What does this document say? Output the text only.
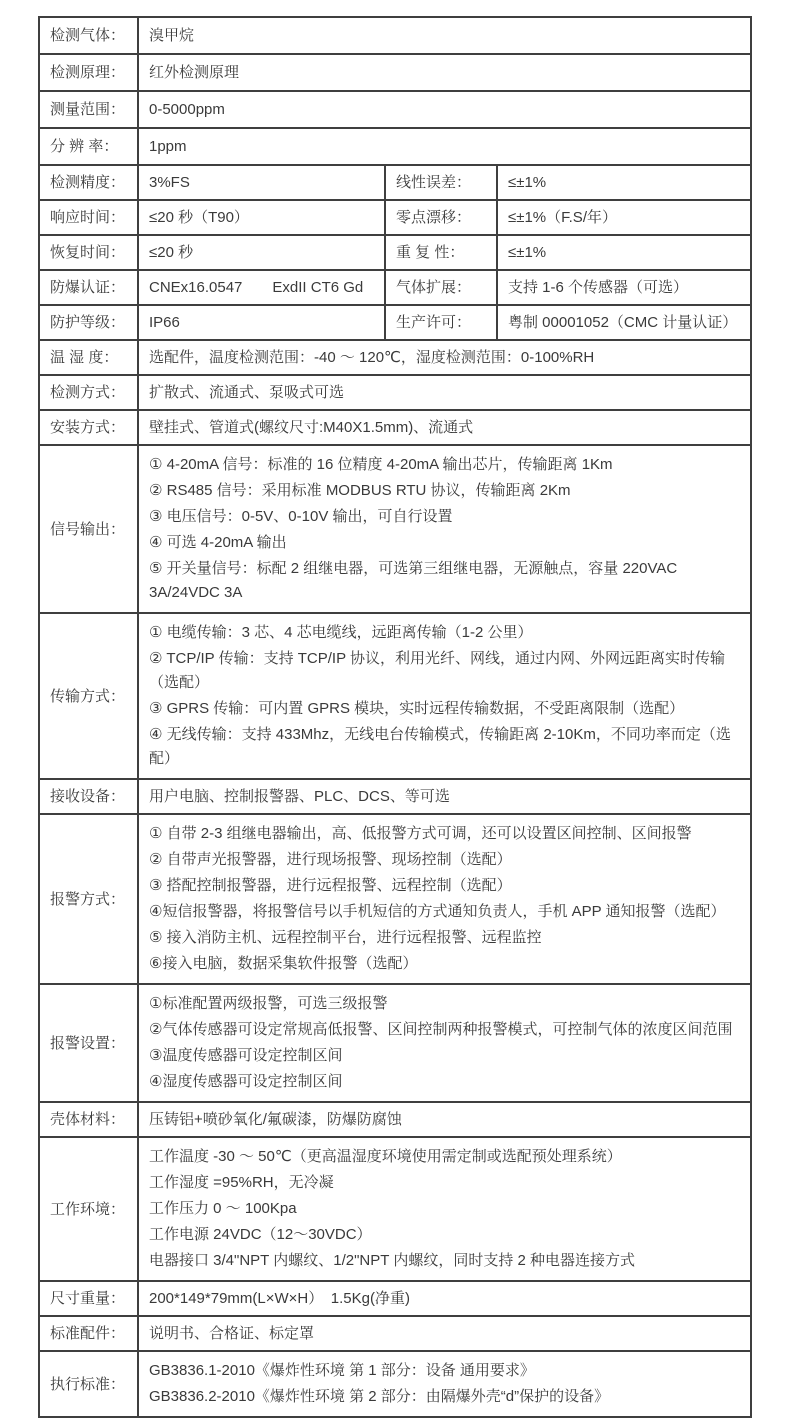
检测气体：	溴甲烷		
检测原理：	红外检测原理		
测量范围：	0-5000ppm		
分 辨 率：	1ppm		
检测精度：	3%FS	线性误差：	≤±1%
响应时间：	≤20 秒（T90）	零点漂移：	≤±1%（F.S/年）
恢复时间：	≤20 秒	重 复 性：	≤±1%
防爆认证：	CNEx16.0547　　ExdII CT6 Gd	气体扩展：	支持 1-6 个传感器（可选）
防护等级：	IP66	生产许可：	粤制 00001052（CMC 计量认证）
温 湿 度：	选配件，温度检测范围：-40 ～ 120℃，湿度检测范围：0-100%RH		
检测方式：	扩散式、流通式、泵吸式可选		
安装方式：	壁挂式、管道式(螺纹尺寸:M40X1.5mm)、流通式		
信号输出：	① 4-20mA 信号：标准的 16 位精度 4-20mA 输出芯片，传输距离 1Km
② RS485 信号：采用标准 MODBUS RTU 协议，传输距离 2Km
③ 电压信号：0-5V、0-10V 输出，可自行设置
④ 可选 4-20mA 输出
⑤ 开关量信号：标配 2 组继电器，可选第三组继电器，无源触点，容量 220VAC 3A/24VDC 3A		

传输方式：	① 电缆传输：3 芯、4 芯电缆线，远距离传输（1-2 公里）
② TCP/IP 传输：支持 TCP/IP 协议，利用光纤、网线，通过内网、外网远距离实时传输（选配）
③ GPRS 传输：可内置 GPRS 模块，实时远程传输数据，不受距离限制（选配）
④ 无线传输：支持 433Mhz，无线电台传输模式，传输距离 2-10Km，不同功率而定（选配）		

接收设备：	用户电脑、控制报警器、PLC、DCS、等可选		
报警方式：	
① 自带 2-3 组继电器输出，高、低报警方式可调，还可以设置区间控制、区间报警
② 自带声光报警器，进行现场报警、现场控制（选配）
③ 搭配控制报警器，进行远程报警、远程控制（选配）
④短信报警器，将报警信号以手机短信的方式通知负责人，手机 APP 通知报警（选配）
⑤ 接入消防主机、远程控制平台，进行远程报警、远程监控
⑥接入电脑，数据采集软件报警（选配）

报警设置：	①标准配置两级报警，可选三级报警
②气体传感器可设定常规高低报警、区间控制两种报警模式，可控制气体的浓度区间范围
③温度传感器可设定控制区间
④湿度传感器可设定控制区间		

壳体材料：	压铸铝+喷砂氧化/氟碳漆，防爆防腐蚀		
工作环境：	工作温度 -30 ～ 50℃（更高温湿度环境使用需定制或选配预处理系统）
工作湿度 =95%RH，无冷凝
工作压力 0 ～ 100Kpa
工作电源 24VDC（12～30VDC）
电器接口 3/4"NPT 内螺纹、1/2"NPT 内螺纹，同时支持 2 种电器连接方式		

尺寸重量：	200*149*79mm(L×W×H）　1.5Kg(净重)		
标准配件：	说明书、合格证、标定罩		
执行标准：	GB3836.1-2010《爆炸性环境 第 1 部分：设备 通用要求》
GB3836.2-2010《爆炸性环境 第 2 部分：由隔爆外壳“d”保护的设备》		
